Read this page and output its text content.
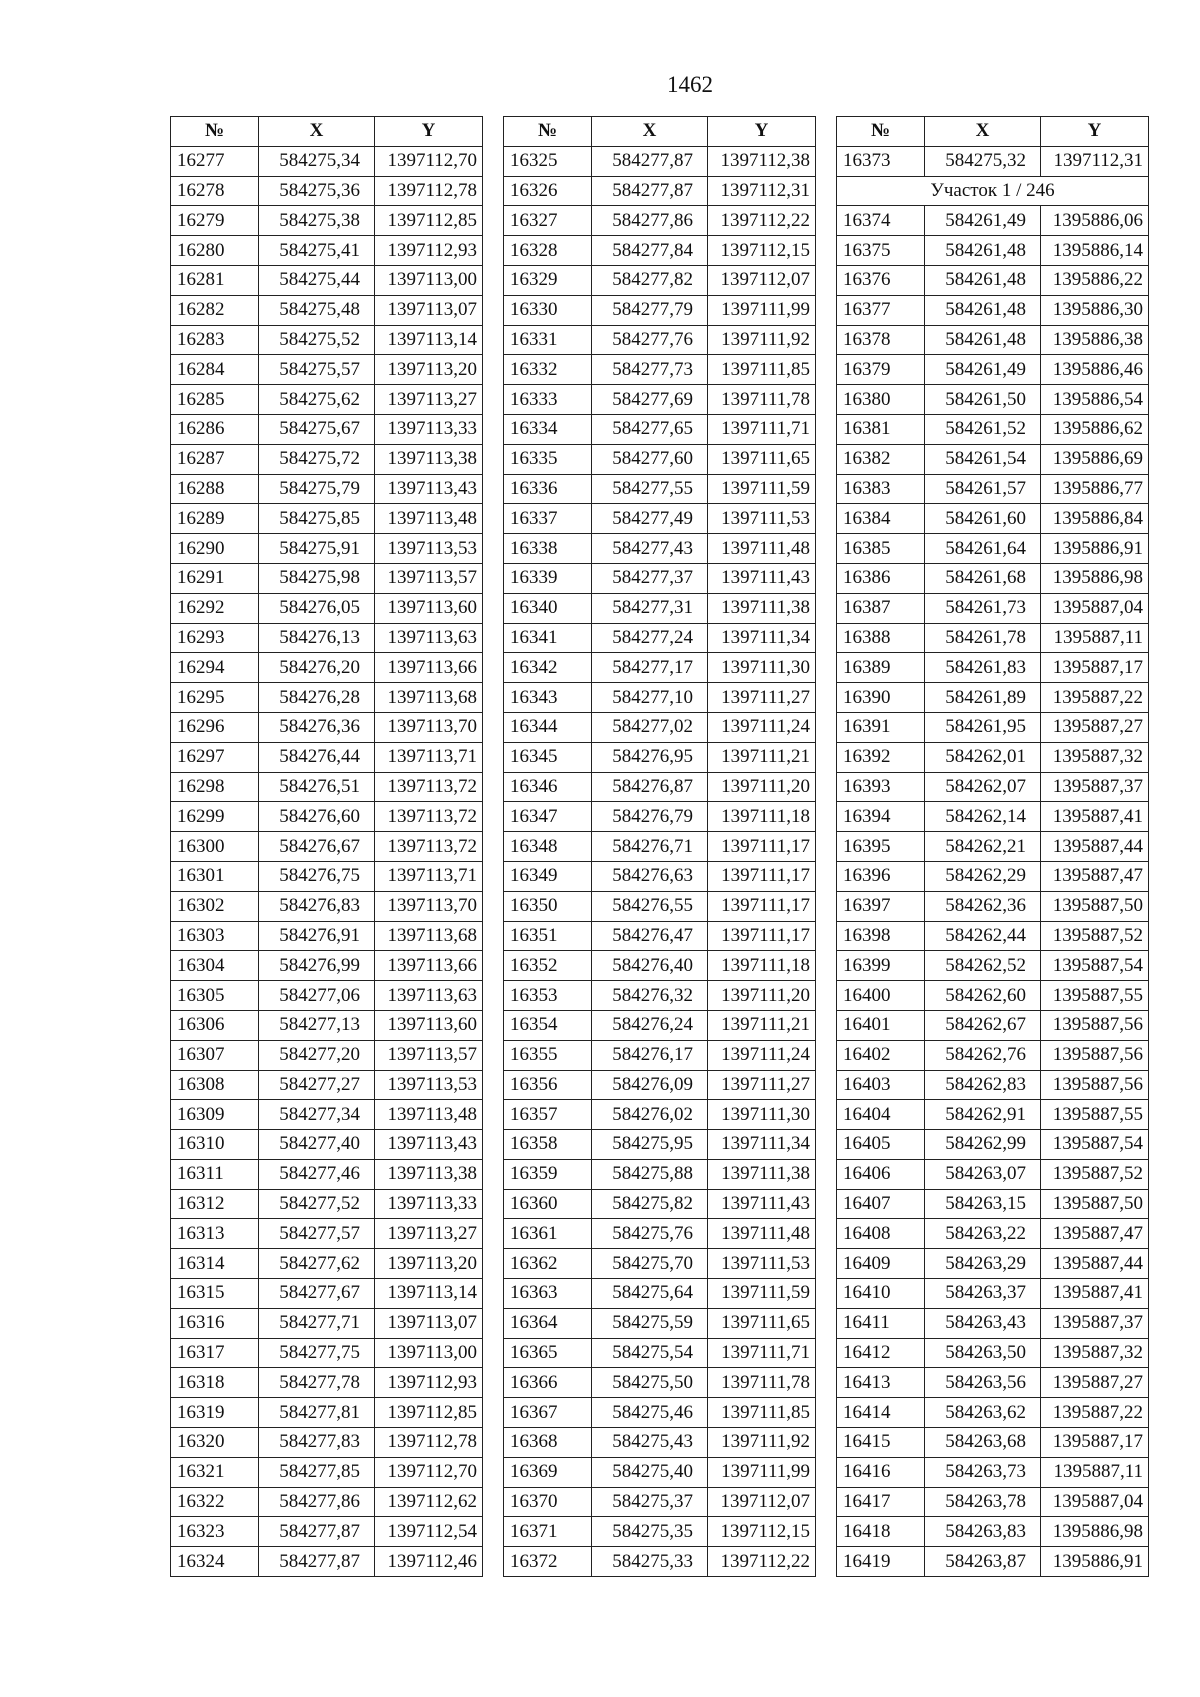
1462
№	X	Y
16277	584275,34	1397112,70
16278	584275,36	1397112,78
16279	584275,38	1397112,85
16280	584275,41	1397112,93
16281	584275,44	1397113,00
16282	584275,48	1397113,07
16283	584275,52	1397113,14
16284	584275,57	1397113,20
16285	584275,62	1397113,27
16286	584275,67	1397113,33
16287	584275,72	1397113,38
16288	584275,79	1397113,43
16289	584275,85	1397113,48
16290	584275,91	1397113,53
16291	584275,98	1397113,57
16292	584276,05	1397113,60
16293	584276,13	1397113,63
16294	584276,20	1397113,66
16295	584276,28	1397113,68
16296	584276,36	1397113,70
16297	584276,44	1397113,71
16298	584276,51	1397113,72
16299	584276,60	1397113,72
16300	584276,67	1397113,72
16301	584276,75	1397113,71
16302	584276,83	1397113,70
16303	584276,91	1397113,68
16304	584276,99	1397113,66
16305	584277,06	1397113,63
16306	584277,13	1397113,60
16307	584277,20	1397113,57
16308	584277,27	1397113,53
16309	584277,34	1397113,48
16310	584277,40	1397113,43
16311	584277,46	1397113,38
16312	584277,52	1397113,33
16313	584277,57	1397113,27
16314	584277,62	1397113,20
16315	584277,67	1397113,14
16316	584277,71	1397113,07
16317	584277,75	1397113,00
16318	584277,78	1397112,93
16319	584277,81	1397112,85
16320	584277,83	1397112,78
16321	584277,85	1397112,70
16322	584277,86	1397112,62
16323	584277,87	1397112,54
16324	584277,87	1397112,46
№	X	Y
16325	584277,87	1397112,38
16326	584277,87	1397112,31
16327	584277,86	1397112,22
16328	584277,84	1397112,15
16329	584277,82	1397112,07
16330	584277,79	1397111,99
16331	584277,76	1397111,92
16332	584277,73	1397111,85
16333	584277,69	1397111,78
16334	584277,65	1397111,71
16335	584277,60	1397111,65
16336	584277,55	1397111,59
16337	584277,49	1397111,53
16338	584277,43	1397111,48
16339	584277,37	1397111,43
16340	584277,31	1397111,38
16341	584277,24	1397111,34
16342	584277,17	1397111,30
16343	584277,10	1397111,27
16344	584277,02	1397111,24
16345	584276,95	1397111,21
16346	584276,87	1397111,20
16347	584276,79	1397111,18
16348	584276,71	1397111,17
16349	584276,63	1397111,17
16350	584276,55	1397111,17
16351	584276,47	1397111,17
16352	584276,40	1397111,18
16353	584276,32	1397111,20
16354	584276,24	1397111,21
16355	584276,17	1397111,24
16356	584276,09	1397111,27
16357	584276,02	1397111,30
16358	584275,95	1397111,34
16359	584275,88	1397111,38
16360	584275,82	1397111,43
16361	584275,76	1397111,48
16362	584275,70	1397111,53
16363	584275,64	1397111,59
16364	584275,59	1397111,65
16365	584275,54	1397111,71
16366	584275,50	1397111,78
16367	584275,46	1397111,85
16368	584275,43	1397111,92
16369	584275,40	1397111,99
16370	584275,37	1397112,07
16371	584275,35	1397112,15
16372	584275,33	1397112,22
№	X	Y
16373	584275,32	1397112,31
Участок 1 / 246		
16374	584261,49	1395886,06
16375	584261,48	1395886,14
16376	584261,48	1395886,22
16377	584261,48	1395886,30
16378	584261,48	1395886,38
16379	584261,49	1395886,46
16380	584261,50	1395886,54
16381	584261,52	1395886,62
16382	584261,54	1395886,69
16383	584261,57	1395886,77
16384	584261,60	1395886,84
16385	584261,64	1395886,91
16386	584261,68	1395886,98
16387	584261,73	1395887,04
16388	584261,78	1395887,11
16389	584261,83	1395887,17
16390	584261,89	1395887,22
16391	584261,95	1395887,27
16392	584262,01	1395887,32
16393	584262,07	1395887,37
16394	584262,14	1395887,41
16395	584262,21	1395887,44
16396	584262,29	1395887,47
16397	584262,36	1395887,50
16398	584262,44	1395887,52
16399	584262,52	1395887,54
16400	584262,60	1395887,55
16401	584262,67	1395887,56
16402	584262,76	1395887,56
16403	584262,83	1395887,56
16404	584262,91	1395887,55
16405	584262,99	1395887,54
16406	584263,07	1395887,52
16407	584263,15	1395887,50
16408	584263,22	1395887,47
16409	584263,29	1395887,44
16410	584263,37	1395887,41
16411	584263,43	1395887,37
16412	584263,50	1395887,32
16413	584263,56	1395887,27
16414	584263,62	1395887,22
16415	584263,68	1395887,17
16416	584263,73	1395887,11
16417	584263,78	1395887,04
16418	584263,83	1395886,98
16419	584263,87	1395886,91
